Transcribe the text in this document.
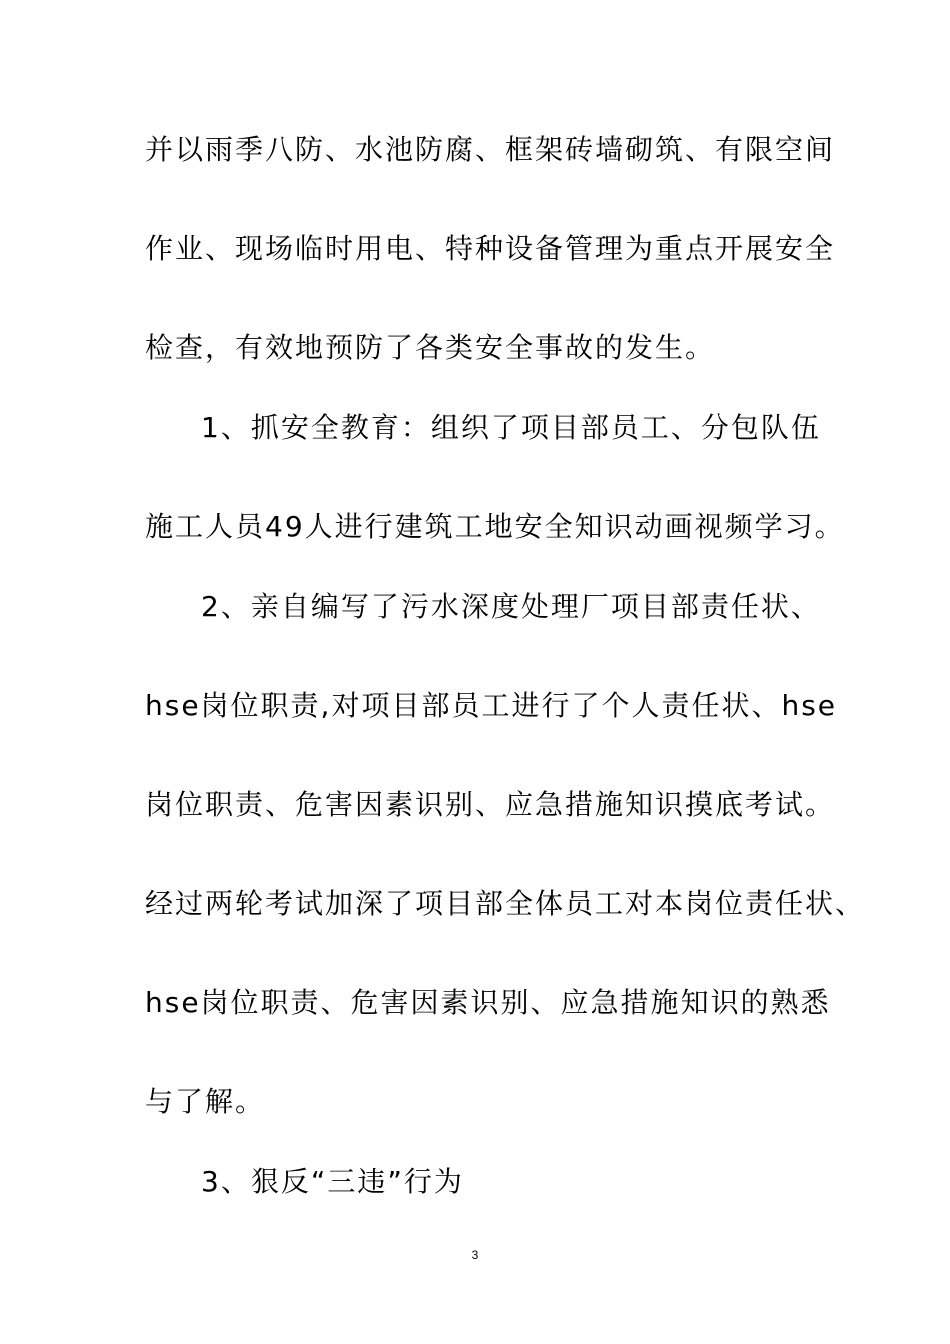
并以雨季八防、水池防腐、框架砖墙砌筑、有限空间
作业、现场临时用电、特种设备管理为重点开展安全
检查，有效地预防了各类安全事故的发生。
1、抓安全教育：组织了项目部员工、分包队伍
施工人员49人进行建筑工地安全知识动画视频学习。
2、亲自编写了污水深度处理厂项目部责任状、
hse岗位职责,对项目部员工进行了个人责任状、hse
岗位职责、危害因素识别、应急措施知识摸底考试。
经过两轮考试加深了项目部全体员工对本岗位责任状、
hse岗位职责、危害因素识别、应急措施知识的熟悉
与了解。
3、狠反“三违”行为
3
